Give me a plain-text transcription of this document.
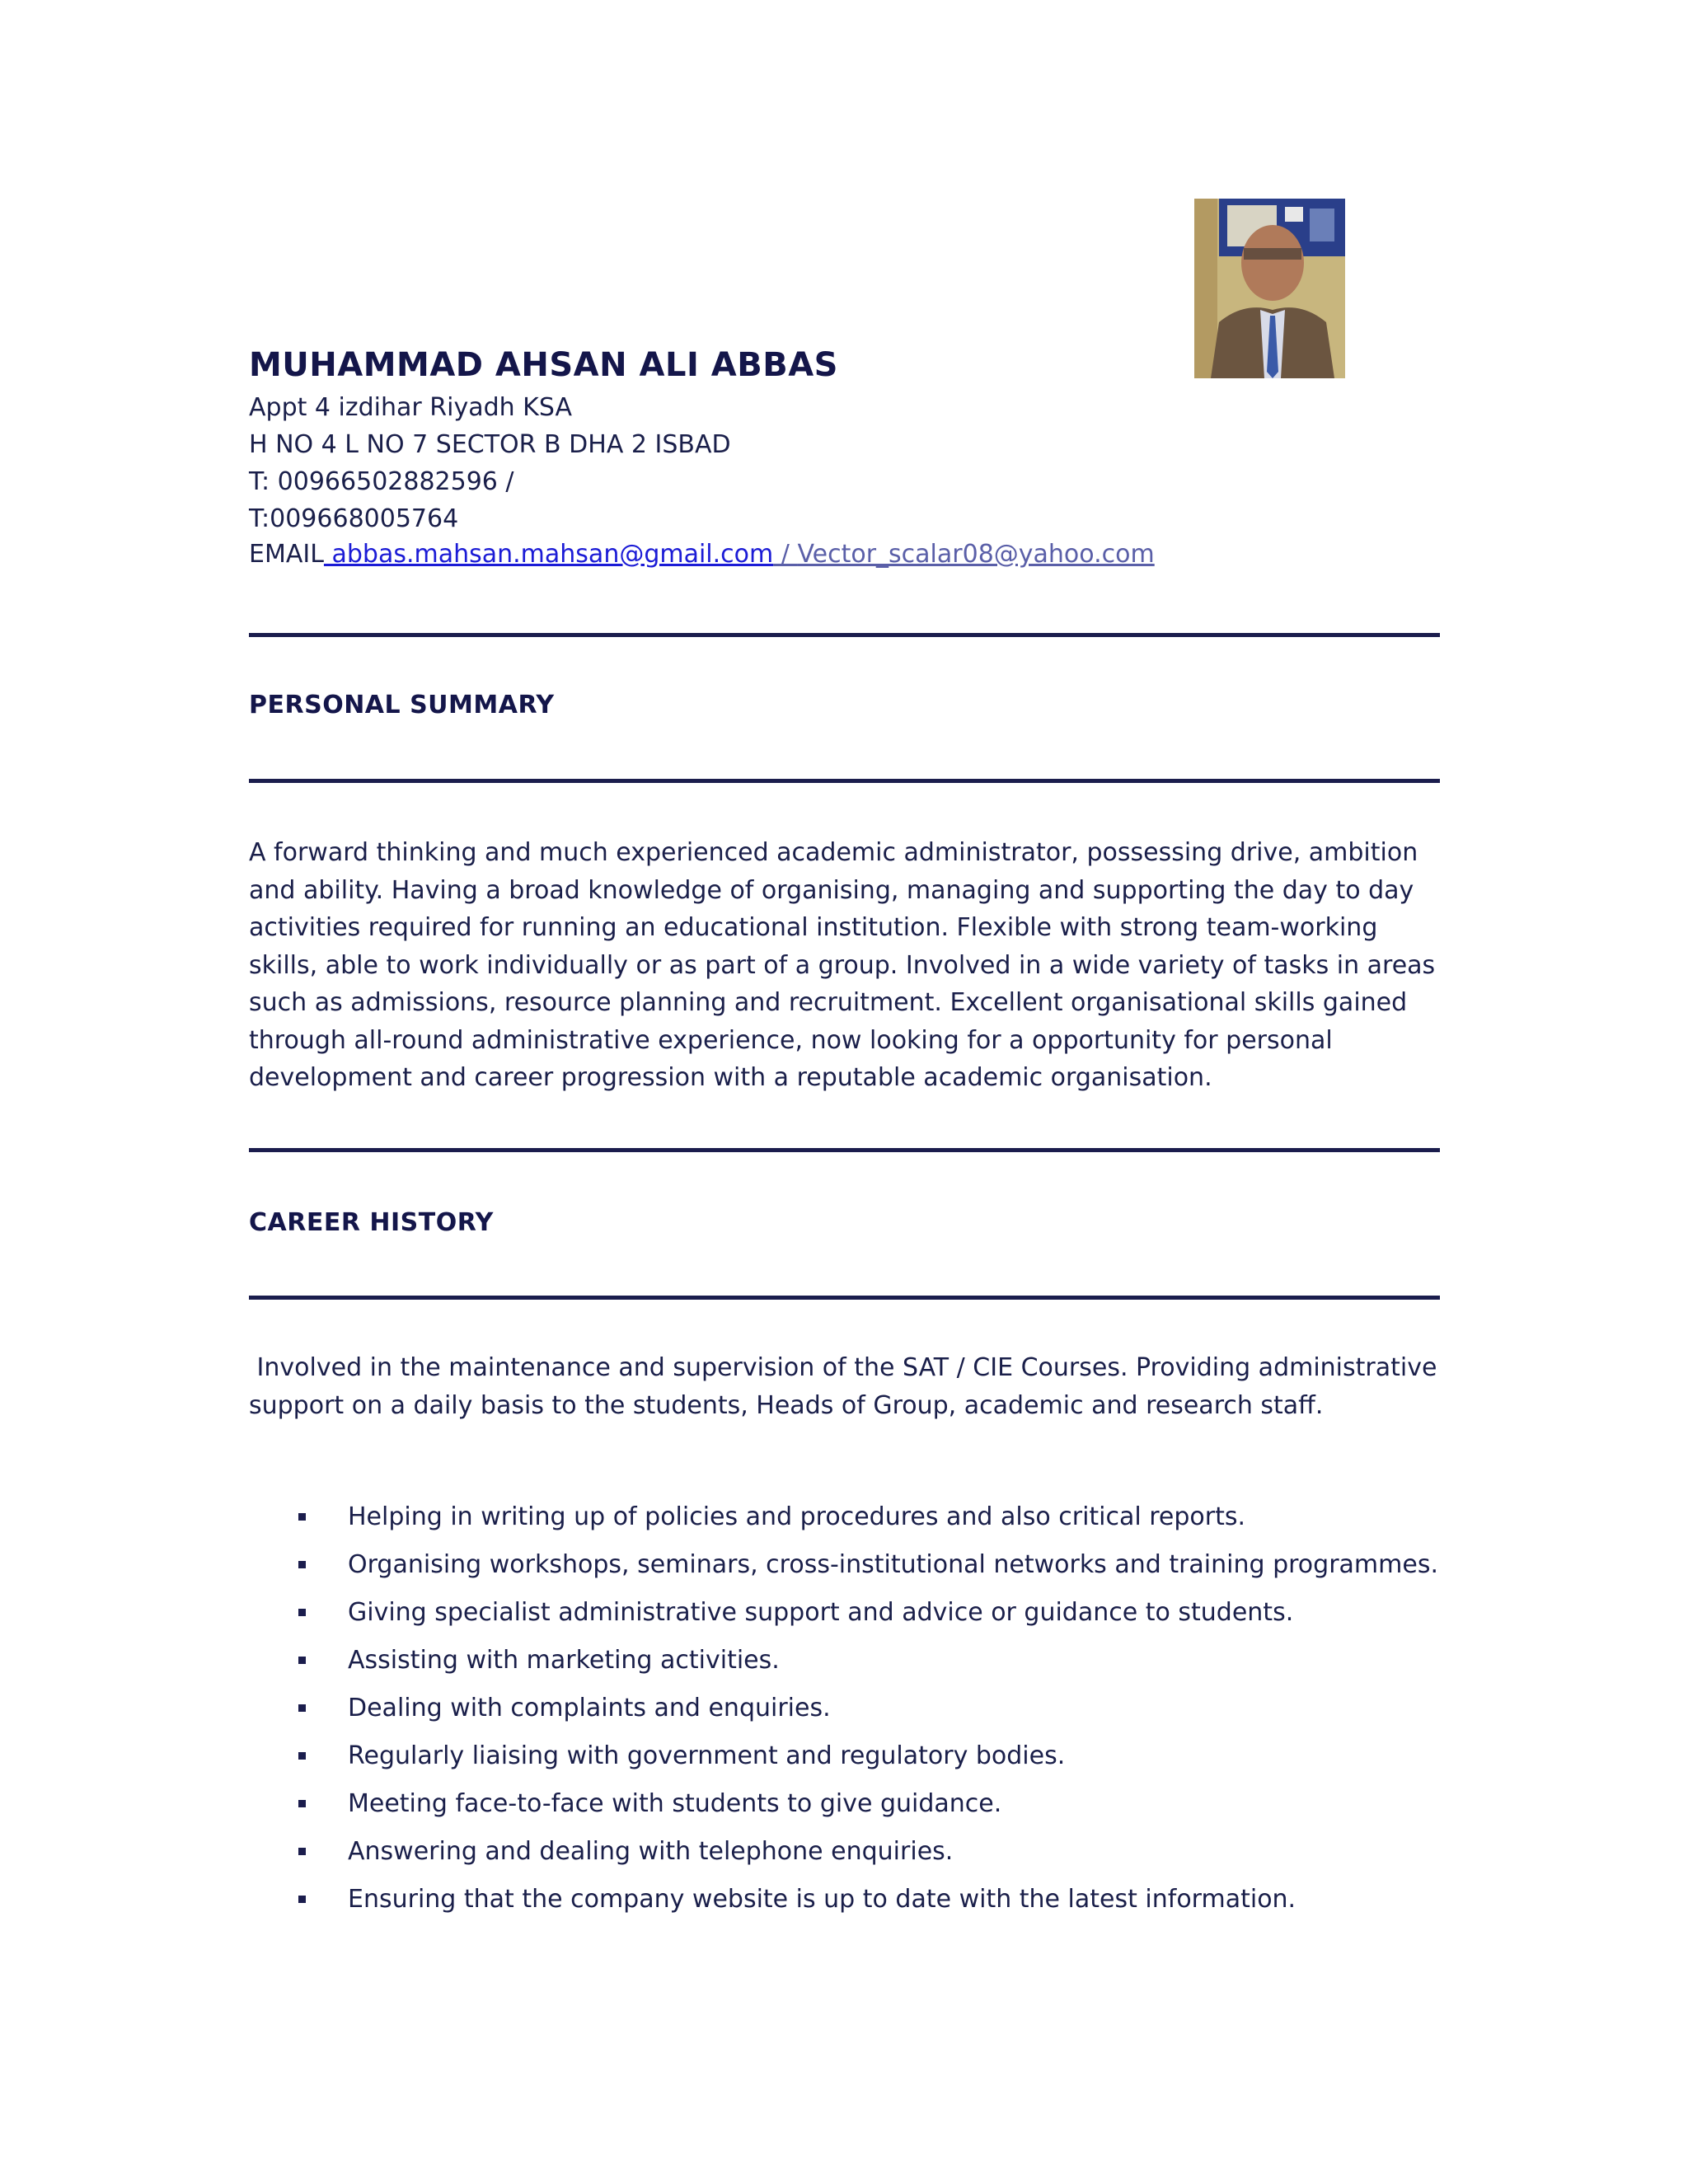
MUHAMMAD AHSAN ALI ABBAS
Appt 4 izdihar Riyadh KSA
H NO 4 L NO 7 SECTOR B DHA 2 ISBAD
T: 00966502882596 /
T:009668005764
EMAIL abbas.mahsan.mahsan@gmail.com / Vector_scalar08@yahoo.com
PERSONAL SUMMARY
A forward thinking and much experienced academic administrator, possessing drive, ambition and ability. Having a broad knowledge of organising, managing and supporting the day to day activities required for running an educational institution. Flexible with strong team-working skills, able to work individually or as part of a group. Involved in a wide variety of tasks in areas such as admissions, resource planning and recruitment. Excellent organisational skills gained through all-round administrative experience, now looking for a opportunity for personal development and career progression with a reputable academic organisation.
CAREER HISTORY
Involved in the maintenance and supervision of the SAT / CIE Courses. Providing administrative support on a daily basis to the students, Heads of Group, academic and research staff.
Helping in writing up of policies and procedures and also critical reports.
Organising workshops, seminars, cross-institutional networks and training programmes.
Giving specialist administrative support and advice or guidance to students.
Assisting with marketing activities.
Dealing with complaints and enquiries.
Regularly liaising with government and regulatory bodies.
Meeting face-to-face with students to give guidance.
Answering and dealing with telephone enquiries.
Ensuring that the company website is up to date with the latest information.
